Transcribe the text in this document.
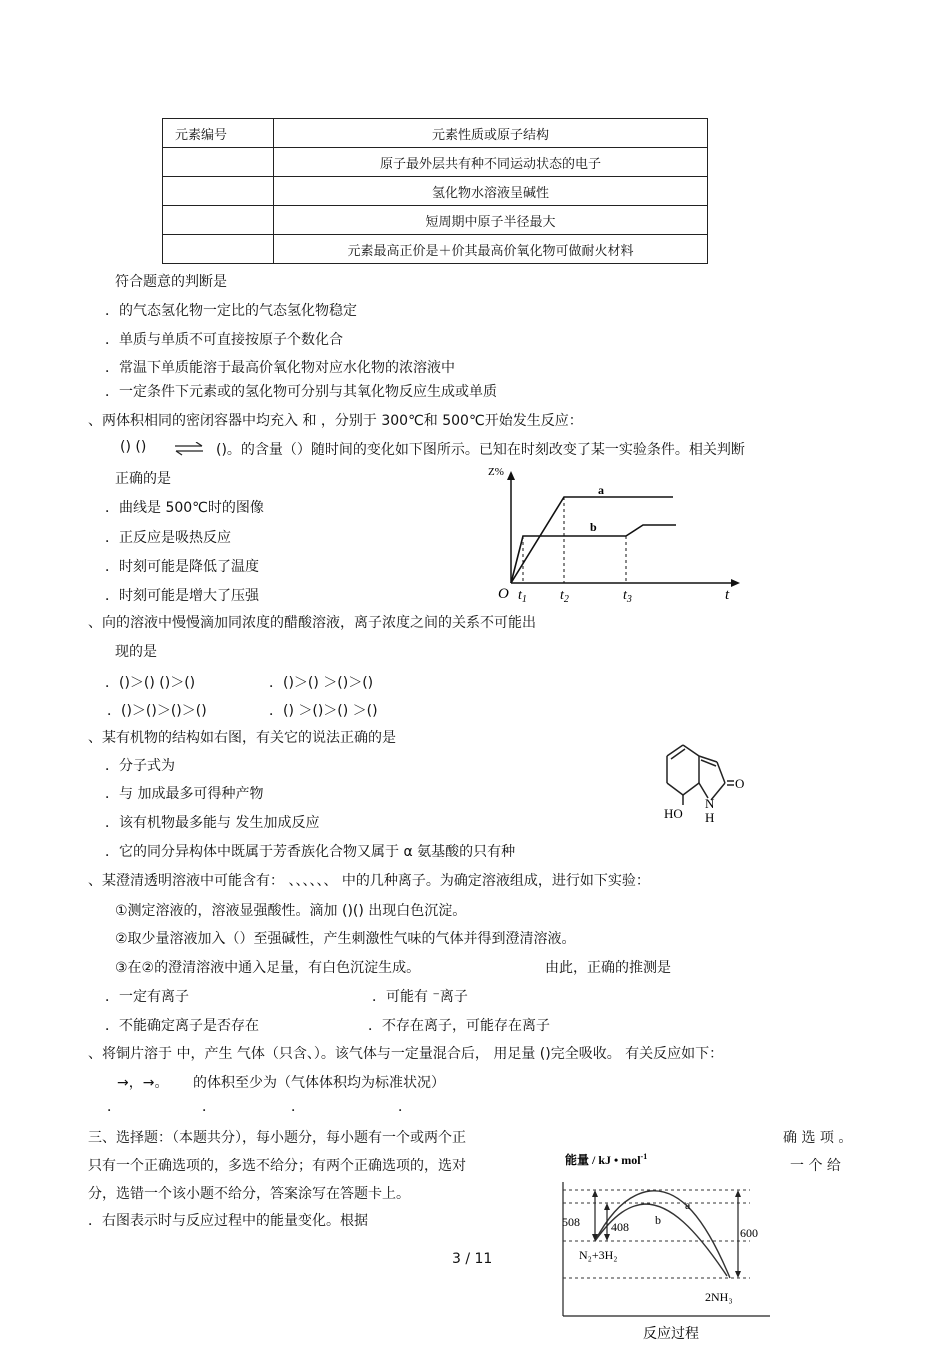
元素编号	元素性质或原子结构
	原子最外层共有种不同运动状态的电子
	氢化物水溶液呈碱性
	短周期中原子半径最大
	元素最高正价是＋价其最高价氧化物可做耐火材料
符合题意的判断是
．的气态氢化物一定比的气态氢化物稳定
．单质与单质不可直接按原子个数化合
．常温下单质能溶于最高价氧化物对应水化物的浓溶液中
．一定条件下元素或的氢化物可分别与其氧化物反应生成或单质
、两体积相同的密闭容器中均充入 和 ，分别于 300℃和 500℃开始发生反应：
() () ⇌ ()。的含量（）随时间的变化如下图所示。已知在时刻改变了某一实验条件。相关判断
正确的是
．曲线是 500℃时的图像
．正反应是吸热反应
．时刻可能是降低了温度
．时刻可能是增大了压强
Z%
t
O
a
b
$t_1$ $t_2$	$t_3$
、向的溶液中慢慢滴加同浓度的醋酸溶液，离子浓度之间的关系不可能出
现的是
．()＞() ()＞()	．()＞() ＞()＞()
．()＞()＞()＞()	．() ＞()＞() ＞()
、某有机物的结构如右图，有关它的说法正确的是
．分子式为
．与 加成最多可得种产物
．该有机物最多能与 发生加成反应
．它的同分异构体中既属于芳香族化合物又属于 α 氨基酸的只有种
HO
N
H
O
、某澄清透明溶液中可能含有： 、、、、、、 中的几种离子。为确定溶液组成，进行如下实验：
①测定溶液的，溶液显强酸性。滴加 ()() 出现白色沉淀。
②取少量溶液加入（）至强碱性，产生刺激性气味的气体并得到澄清溶液。
③在②的澄清溶液中通入足量，有白色沉淀生成。	由此，正确的推测是
．一定有离子	．可能有 ⁻离子
．不能确定离子是否存在	．不存在离子，可能存在离子
、将铜片溶于 中，产生 气体（只含、）。该气体与一定量混合后， 用足量 ()完全吸收。 有关反应如下：
→，→。 的体积至少为（气体体积均为标准状况）
．	．	．	．
三、选择题：（本题共分），每小题分，每小题有一个或两个正	确 选 项 。
只有一个正确选项的，多选不给分；有两个正确选项的，选对	一 个 给
分，选错一个该小题不给分，答案涂写在答题卡上。
．右图表示时与反应过程中的能量变化。根据
能量 / kJ • mol$^{-1}$
508	408	600
a
b
N₂+3H₂
2NH₃
反应过程
3 / 11
